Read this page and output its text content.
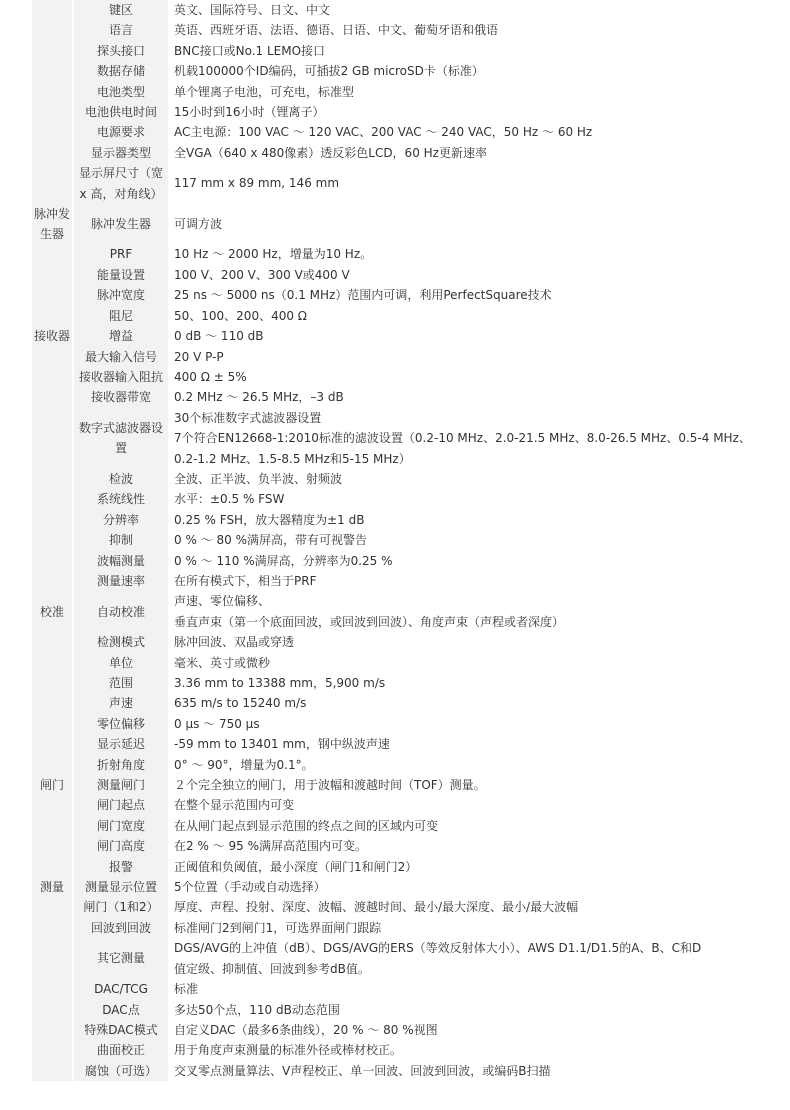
	键区	英文、国际符号、日文、中文

	语言	英语、西班牙语、法语、德语、日语、中文、葡萄牙语和俄语

	探头接口	BNC接口或No.1 LEMO接口

	数据存储	机载100000个ID编码，可插拔2 GB microSD卡（标准）

	电池类型	单个锂离子电池，可充电，标准型

	电池供电时间	15小时到16小时（锂离子）

	电源要求	AC主电源：100 VAC ～ 120 VAC、200 VAC ～ 240 VAC，50 Hz ～ 60 Hz

	显示器类型	全VGA（640 x 480像素）透反彩色LCD，60 Hz更新速率

	显示屏尺寸（宽 x 高，对角线）	117 mm x 89 mm, 146 mm

脉冲发生器	脉冲发生器	可调方波

	PRF	10 Hz ～ 2000 Hz，增量为10 Hz。

	能量设置	100 V、200 V、300 V或400 V

	脉冲宽度	25 ns ～ 5000 ns（0.1 MHz）范围内可调，利用PerfectSquare技术

	阻尼	50、100、200、400 Ω

接收器	增益	0 dB ～ 110 dB

	最大输入信号	20 V P-P

	接收器输入阻抗	400 Ω ± 5%

	接收器带宽	0.2 MHz ～ 26.5 MHz，–3 dB

	数字式滤波器设置	30个标准数字式滤波器设置
7个符合EN12668-1:2010标准的滤波设置（0.2-10 MHz、2.0-21.5 MHz、8.0-26.5 MHz、0.5-4 MHz、
0.2-1.2 MHz、1.5-8.5 MHz和5-15 MHz）

	检波	全波、正半波、负半波、射频波

	系统线性	水平：±0.5 % FSW

	分辨率	0.25 % FSH，放大器精度为±1 dB

	抑制	0 % ～ 80 %满屏高，带有可视警告

	波幅测量	0 % ～ 110 %满屏高，分辨率为0.25 %

	测量速率	在所有模式下，相当于PRF

校准	自动校准	声速、零位偏移、
垂直声束（第一个底面回波，或回波到回波）、角度声束（声程或者深度）

	检测模式	脉冲回波、双晶或穿透

	单位	毫米、英寸或微秒

	范围	3.36 mm to 13388 mm，5,900 m/s

	声速	635 m/s to 15240 m/s

	零位偏移	0 μs ～ 750 μs

	显示延迟	-59 mm to 13401 mm，钢中纵波声速

	折射角度	0° ～ 90°，增量为0.1°。

闸门	测量闸门	２个完全独立的闸门，用于波幅和渡越时间（TOF）测量。

	闸门起点	在整个显示范围内可变

	闸门宽度	在从闸门起点到显示范围的终点之间的区域内可变

	闸门高度	在2 % ～ 95 %满屏高范围内可变。

	报警	正阈值和负阈值，最小深度（闸门1和闸门2）

测量	测量显示位置	5个位置（手动或自动选择）

	闸门（1和2）	厚度、声程、投射、深度、波幅、渡越时间、最小/最大深度、最小/最大波幅

	回波到回波	标准闸门2到闸门1，可选界面闸门跟踪

	其它测量	DGS/AVG的上冲值（dB）、DGS/AVG的ERS（等效反射体大小）、AWS D1.1/D1.5的A、B、C和D
值定级、抑制值、回波到参考dB值。

	DAC/TCG	标准

	DAC点	多达50个点，110 dB动态范围

	特殊DAC模式	自定义DAC（最多6条曲线），20 % ～ 80 %视图

	曲面校正	用于角度声束测量的标准外径或棒材校正。

	腐蚀（可选）	交叉零点测量算法、V声程校正、单一回波、回波到回波，或编码B扫描
